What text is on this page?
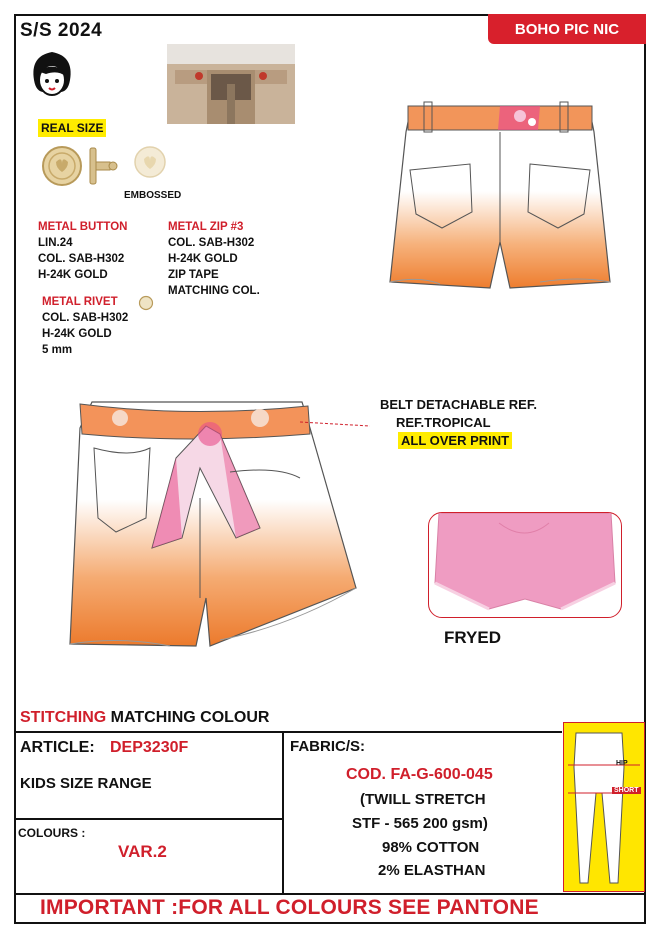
S/S 2024	BOHO PIC NIC
REAL SIZE
EMBOSSED
METAL BUTTON
LIN.24
COL. SAB-H302
H-24K GOLD
METAL ZIP #3
COL. SAB-H302
H-24K GOLD
ZIP TAPE
MATCHING COL.
METAL RIVET
COL. SAB-H302
H-24K GOLD
5 mm
BELT DETACHABLE REF.
REF.TROPICAL
ALL OVER PRINT
FRYED
STITCHING MATCHING COLOUR
ARTICLE: DEP3230F
KIDS SIZE RANGE
COLOURS :
VAR.2
FABRIC/S:
COD. FA-G-600-045
(TWILL STRETCH
STF - 565 200 gsm)
98% COTTON
2% ELASTHAN
HIP
SHORT
IMPORTANT :FOR ALL COLOURS SEE PANTONE
